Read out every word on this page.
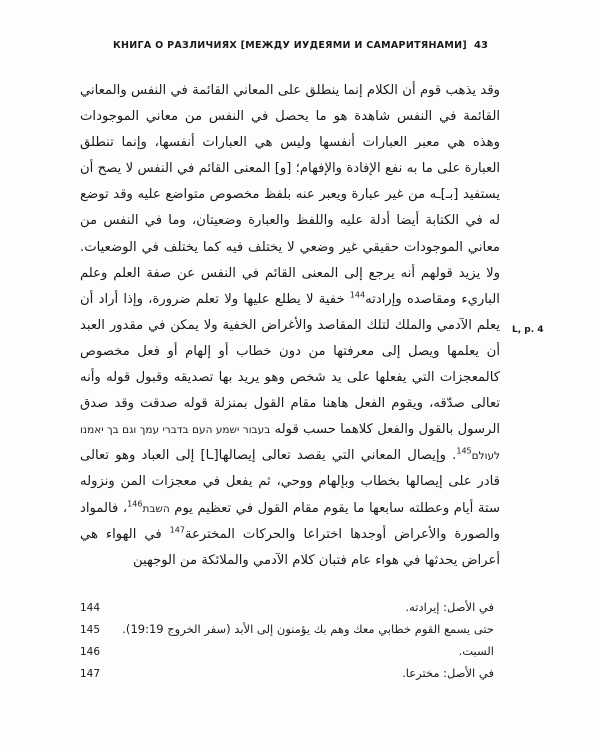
КНИГА О РАЗЛИЧИЯХ [МЕЖДУ ИУДЕЯМИ И САМАРИТЯНАМИ] 43
L, p. 4

وقد يذهب قوم أن الكلام إنما ينطلق على المعاني القائمة في النفس والمعاني القائمة في النفس شاهدة هو ما يحصل في النفس من معاني الموجودات وهذه هي معبر العبارات أنفسها وليس هي العبارات أنفسها، وإنما تنطلق العبارة على ما به نفع الإفادة والإفهام؛ [و] المعنى القائم في النفس لا يصح أن يستفيد [بـ]ـه من غير عبارة ويعبر عنه بلفظ مخصوص متواضع عليه وقد توضع له في الكتابة أيضا أدلة عليه واللفظ والعبارة وضعيتان، وما في النفس من معاني الموجودات حقيقي غير وضعي لا يختلف فيه كما يختلف في الوضعيات. ولا يزيد قولهم أنه يرجع إلى المعنى القائم في النفس عن صفة العلم وعلم الباريء ومقاصده وإرادته$^{144}$ خفية لا يطلع عليها ولا تعلم ضرورة، وإذا أراد أن يعلم الآدمي والملك لتلك المقاصد والأغراض الخفية ولا يمكن في مقدور العبد أن يعلمها ويصل إلى معرفتها من دون خطاب أو إلهام أو فعل مخصوص كالمعجزات التي يفعلها على يد شخص وهو يريد بها تصديقه وقبول قوله وأنه تعالى صدّقه، ويقوم الفعل هاهنا مقام القول بمنزلة قوله صدقت وقد صدق الرسول بالقول والفعل كلاهما حسب قوله בעבור ישמע העם בדברי עמך וגם בך יאמנו לעולם$^{145}$. وإيصال المعاني التي يقصد تعالى إيصالها[ـا] إلى العباد وهو تعالى قادر على إيصالها بخطاب وبإلهام ووحي، ثم يفعل في معجزات المن ونزوله ستة أيام وعطلته سابعها ما يقوم مقام القول في تعظيم يوم השבת$^{146}$، فالمواد والصورة والأعراض أوجدها اختراعا والحركات المخترعة$^{147}$ في الهواء هي أعراض يحدثها في هواء عام فتبان كلام الآدمي والملائكة من الوجهين

144	في الأصل: إيرادته.
145	حتى يسمع القوم خطابي معك وهم بك يؤمنون إلى الأبد (سفر الخروج 19:19).
146	السبت.
147	في الأصل: مخترعا.
